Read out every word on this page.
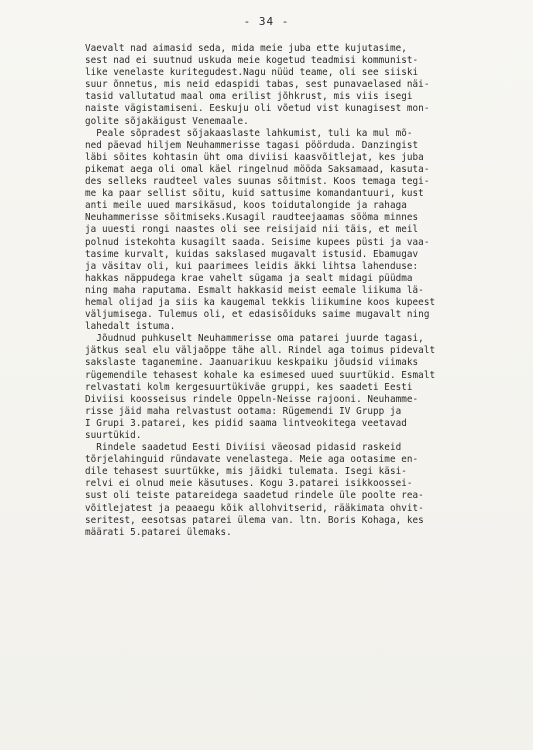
- 34 -
Vaevalt nad aimasid seda, mida meie juba ette kujutasime,
sest nad ei suutnud uskuda meie kogetud teadmisi kommunist-
like venelaste kuritegudest.Nagu nüüd teame, oli see siiski
suur õnnetus, mis neid edaspidi tabas, sest punavaelased näi-
tasid vallutatud maal oma erilist jõhkrust, mis viis isegi
naiste vägistamiseni. Eeskuju oli võetud vist kunagisest mon-
golite sõjakäigust Venemaale.
Peale sõpradest sõjakaaslaste lahkumist, tuli ka mul mõ-
ned päevad hiljem Neuhammerisse tagasi pöörduda. Danzingist
läbi sõites kohtasin üht oma diviisi kaasvõitlejat, kes juba
pikemat aega oli omal käel ringelnud mööda Saksamaad, kasuta-
des selleks raudteel vales suunas sõitmist. Koos temaga tegi-
me ka paar sellist sõitu, kuid sattusime komandantuuri, kust
anti meile uued marsikäsud, koos toidutalongide ja rahaga
Neuhammerisse sõitmiseks.Kusagil raudteejaamas sööma minnes
ja uuesti rongi naastes oli see reisijaid nii täis, et meil
polnud istekohta kusagilt saada. Seisime kupees püsti ja vaa-
tasime kurvalt, kuidas sakslased mugavalt istusid. Ebamugav
ja väsitav oli, kui paarimees leidis äkki lihtsa lahenduse:
hakkas näppudega krae vahelt sügama ja sealt midagi püüdma
ning maha raputama. Esmalt hakkasid meist eemale liikuma lä-
hemal olijad ja siis ka kaugemal tekkis liikumine koos kupeest
väljumisega. Tulemus oli, et edasisõiduks saime mugavalt ning
lahedalt istuma.
Jõudnud puhkuselt Neuhammerisse oma patarei juurde tagasi,
jätkus seal elu väljaõppe tähe all. Rindel aga toimus pidevalt
sakslaste taganemine. Jaanuarikuu keskpaiku jõudsid viimaks
rügemendile tehasest kohale ka esimesed uued suurtükid. Esmalt
relvastati kolm kergesuurtükiväe gruppi, kes saadeti Eesti
Diviisi koosseisus rindele Oppeln-Neisse rajooni. Neuhamme-
risse jäid maha relvastust ootama: Rügemendi IV Grupp ja
I Grupi 3.patarei, kes pidid saama lintveokitega veetavad
suurtükid.
Rindele saadetud Eesti Diviisi väeosad pidasid raskeid
tõrjelahinguid ründavate venelastega. Meie aga ootasime en-
dile tehasest suurtükke, mis jäidki tulemata. Isegi käsi-
relvi ei olnud meie käsutuses. Kogu 3.patarei isikkoossei-
sust oli teiste patareidega saadetud rindele üle poolte rea-
võitlejatest ja peaaegu kõik allohvitserid, rääkimata ohvit-
seritest, eesotsas patarei ülema van. ltn. Boris Kohaga, kes
määrati 5.patarei ülemaks.
